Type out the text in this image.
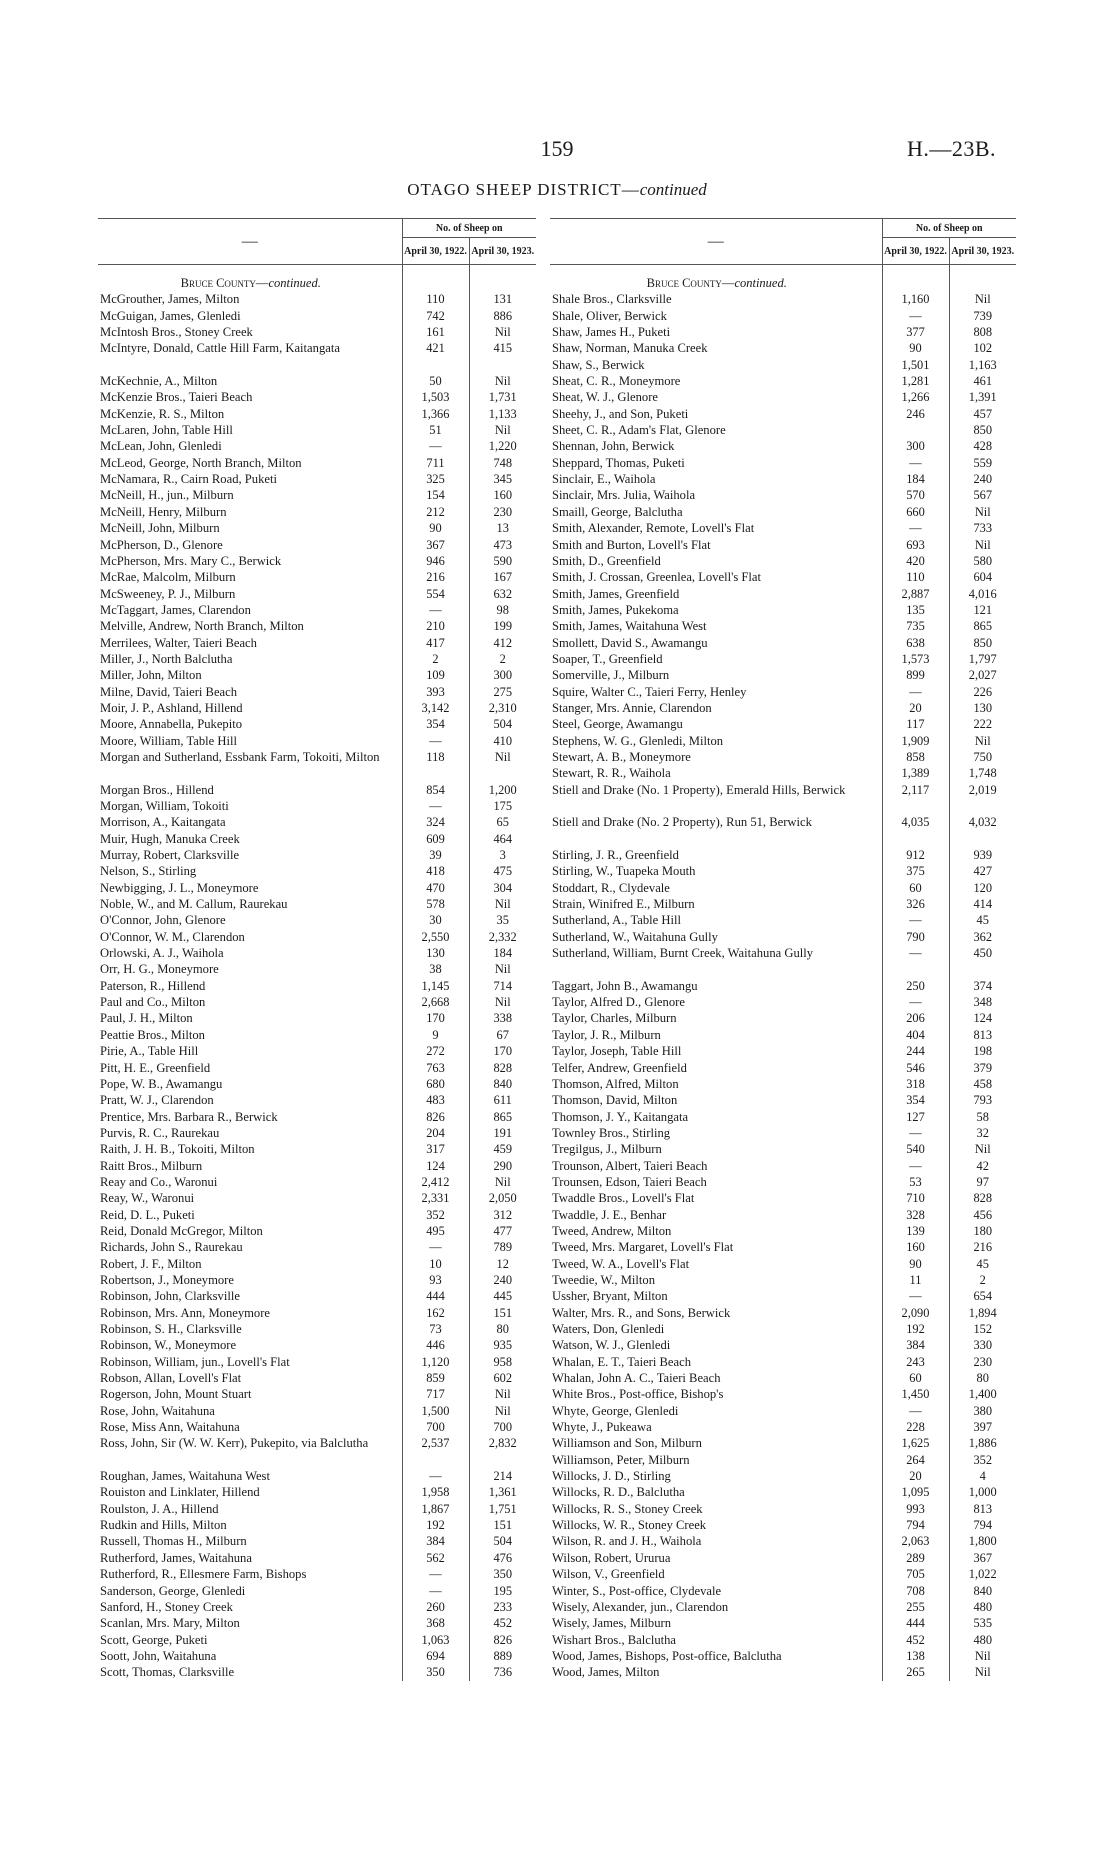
159	H.—23B.
OTAGO SHEEP DISTRICT—continued
—	No. of Sheep on	
	April 30, 1922.	April 30, 1923.

Bruce County—continued.		
McGrouther, James, Milton	110	131
McGuigan, James, Glenledi	742	886
McIntosh Bros., Stoney Creek	161	Nil
McIntyre, Donald, Cattle Hill Farm, Kaitangata	421	415
McKechnie, A., Milton	50	Nil
McKenzie Bros., Taieri Beach	1,503	1,731
McKenzie, R. S., Milton	1,366	1,133
McLaren, John, Table Hill	51	Nil
McLean, John, Glenledi	—	1,220
McLeod, George, North Branch, Milton	711	748
McNamara, R., Cairn Road, Puketi	325	345
McNeill, H., jun., Milburn	154	160
McNeill, Henry, Milburn	212	230
McNeill, John, Milburn	90	13
McPherson, D., Glenore	367	473
McPherson, Mrs. Mary C., Berwick	946	590
McRae, Malcolm, Milburn	216	167
McSweeney, P. J., Milburn	554	632
McTaggart, James, Clarendon	—	98
Melville, Andrew, North Branch, Milton	210	199
Merrilees, Walter, Taieri Beach	417	412
Miller, J., North Balclutha	2	2
Miller, John, Milton	109	300
Milne, David, Taieri Beach	393	275
Moir, J. P., Ashland, Hillend	3,142	2,310
Moore, Annabella, Pukepito	354	504
Moore, William, Table Hill	—	410
Morgan and Sutherland, Essbank Farm, Tokoiti, Milton	118	Nil
Morgan Bros., Hillend	854	1,200
Morgan, William, Tokoiti	—	175
Morrison, A., Kaitangata	324	65
Muir, Hugh, Manuka Creek	609	464
Murray, Robert, Clarksville	39	3
Nelson, S., Stirling	418	475
Newbigging, J. L., Moneymore	470	304
Noble, W., and M. Callum, Raurekau	578	Nil
O'Connor, John, Glenore	30	35
O'Connor, W. M., Clarendon	2,550	2,332
Orlowski, A. J., Waihola	130	184
Orr, H. G., Moneymore	38	Nil
Paterson, R., Hillend	1,145	714
Paul and Co., Milton	2,668	Nil
Paul, J. H., Milton	170	338
Peattie Bros., Milton	9	67
Pirie, A., Table Hill	272	170
Pitt, H. E., Greenfield	763	828
Pope, W. B., Awamangu	680	840
Pratt, W. J., Clarendon	483	611
Prentice, Mrs. Barbara R., Berwick	826	865
Purvis, R. C., Raurekau	204	191
Raith, J. H. B., Tokoiti, Milton	317	459
Raitt Bros., Milburn	124	290
Reay and Co., Waronui	2,412	Nil
Reay, W., Waronui	2,331	2,050
Reid, D. L., Puketi	352	312
Reid, Donald McGregor, Milton	495	477
Richards, John S., Raurekau	—	789
Robert, J. F., Milton	10	12
Robertson, J., Moneymore	93	240
Robinson, John, Clarksville	444	445
Robinson, Mrs. Ann, Moneymore	162	151
Robinson, S. H., Clarksville	73	80
Robinson, W., Moneymore	446	935
Robinson, William, jun., Lovell's Flat	1,120	958
Robson, Allan, Lovell's Flat	859	602
Rogerson, John, Mount Stuart	717	Nil
Rose, John, Waitahuna	1,500	Nil
Rose, Miss Ann, Waitahuna	700	700
Ross, John, Sir (W. W. Kerr), Pukepito, via Balclutha	2,537	2,832
Roughan, James, Waitahuna West	—	214
Rouiston and Linklater, Hillend	1,958	1,361
Roulston, J. A., Hillend	1,867	1,751
Rudkin and Hills, Milton	192	151
Russell, Thomas H., Milburn	384	504
Rutherford, James, Waitahuna	562	476
Rutherford, R., Ellesmere Farm, Bishops	—	350
Sanderson, George, Glenledi	—	195
Sanford, H., Stoney Creek	260	233
Scanlan, Mrs. Mary, Milton	368	452
Scott, George, Puketi	1,063	826
Soott, John, Waitahuna	694	889
Scott, Thomas, Clarksville	350	736
—	No. of Sheep on	
	April 30, 1922.	April 30, 1923.

Bruce County—continued.		
Shale Bros., Clarksville	1,160	Nil
Shale, Oliver, Berwick	—	739
Shaw, James H., Puketi	377	808
Shaw, Norman, Manuka Creek	90	102
Shaw, S., Berwick	1,501	1,163
Sheat, C. R., Moneymore	1,281	461
Sheat, W. J., Glenore	1,266	1,391
Sheehy, J., and Son, Puketi	246	457
Sheet, C. R., Adam's Flat, Glenore		850
Shennan, John, Berwick	300	428
Sheppard, Thomas, Puketi	—	559
Sinclair, E., Waihola	184	240
Sinclair, Mrs. Julia, Waihola	570	567
Smaill, George, Balclutha	660	Nil
Smith, Alexander, Remote, Lovell's Flat	—	733
Smith and Burton, Lovell's Flat	693	Nil
Smith, D., Greenfield	420	580
Smith, J. Crossan, Greenlea, Lovell's Flat	110	604
Smith, James, Greenfield	2,887	4,016
Smith, James, Pukekoma	135	121
Smith, James, Waitahuna West	735	865
Smollett, David S., Awamangu	638	850
Soaper, T., Greenfield	1,573	1,797
Somerville, J., Milburn	899	2,027
Squire, Walter C., Taieri Ferry, Henley	—	226
Stanger, Mrs. Annie, Clarendon	20	130
Steel, George, Awamangu	117	222
Stephens, W. G., Glenledi, Milton	1,909	Nil
Stewart, A. B., Moneymore	858	750
Stewart, R. R., Waihola	1,389	1,748
Stiell and Drake (No. 1 Property), Emerald Hills, Berwick	2,117	2,019
Stiell and Drake (No. 2 Property), Run 51, Berwick	4,035	4,032
Stirling, J. R., Greenfield	912	939
Stirling, W., Tuapeka Mouth	375	427
Stoddart, R., Clydevale	60	120
Strain, Winifred E., Milburn	326	414
Sutherland, A., Table Hill	—	45
Sutherland, W., Waitahuna Gully	790	362
Sutherland, William, Burnt Creek, Waitahuna Gully	—	450
Taggart, John B., Awamangu	250	374
Taylor, Alfred D., Glenore	—	348
Taylor, Charles, Milburn	206	124
Taylor, J. R., Milburn	404	813
Taylor, Joseph, Table Hill	244	198
Telfer, Andrew, Greenfield	546	379
Thomson, Alfred, Milton	318	458
Thomson, David, Milton	354	793
Thomson, J. Y., Kaitangata	127	58
Townley Bros., Stirling	—	32
Tregilgus, J., Milburn	540	Nil
Trounson, Albert, Taieri Beach	—	42
Trounsen, Edson, Taieri Beach	53	97
Twaddle Bros., Lovell's Flat	710	828
Twaddle, J. E., Benhar	328	456
Tweed, Andrew, Milton	139	180
Tweed, Mrs. Margaret, Lovell's Flat	160	216
Tweed, W. A., Lovell's Flat	90	45
Tweedie, W., Milton	11	2
Ussher, Bryant, Milton	—	654
Walter, Mrs. R., and Sons, Berwick	2,090	1,894
Waters, Don, Glenledi	192	152
Watson, W. J., Glenledi	384	330
Whalan, E. T., Taieri Beach	243	230
Whalan, John A. C., Taieri Beach	60	80
White Bros., Post-office, Bishop's	1,450	1,400
Whyte, George, Glenledi	—	380
Whyte, J., Pukeawa	228	397
Williamson and Son, Milburn	1,625	1,886
Williamson, Peter, Milburn	264	352
Willocks, J. D., Stirling	20	4
Willocks, R. D., Balclutha	1,095	1,000
Willocks, R. S., Stoney Creek	993	813
Willocks, W. R., Stoney Creek	794	794
Wilson, R. and J. H., Waihola	2,063	1,800
Wilson, Robert, Ururua	289	367
Wilson, V., Greenfield	705	1,022
Winter, S., Post-office, Clydevale	708	840
Wisely, Alexander, jun., Clarendon	255	480
Wisely, James, Milburn	444	535
Wishart Bros., Balclutha	452	480
Wood, James, Bishops, Post-office, Balclutha	138	Nil
Wood, James, Milton	265	Nil
